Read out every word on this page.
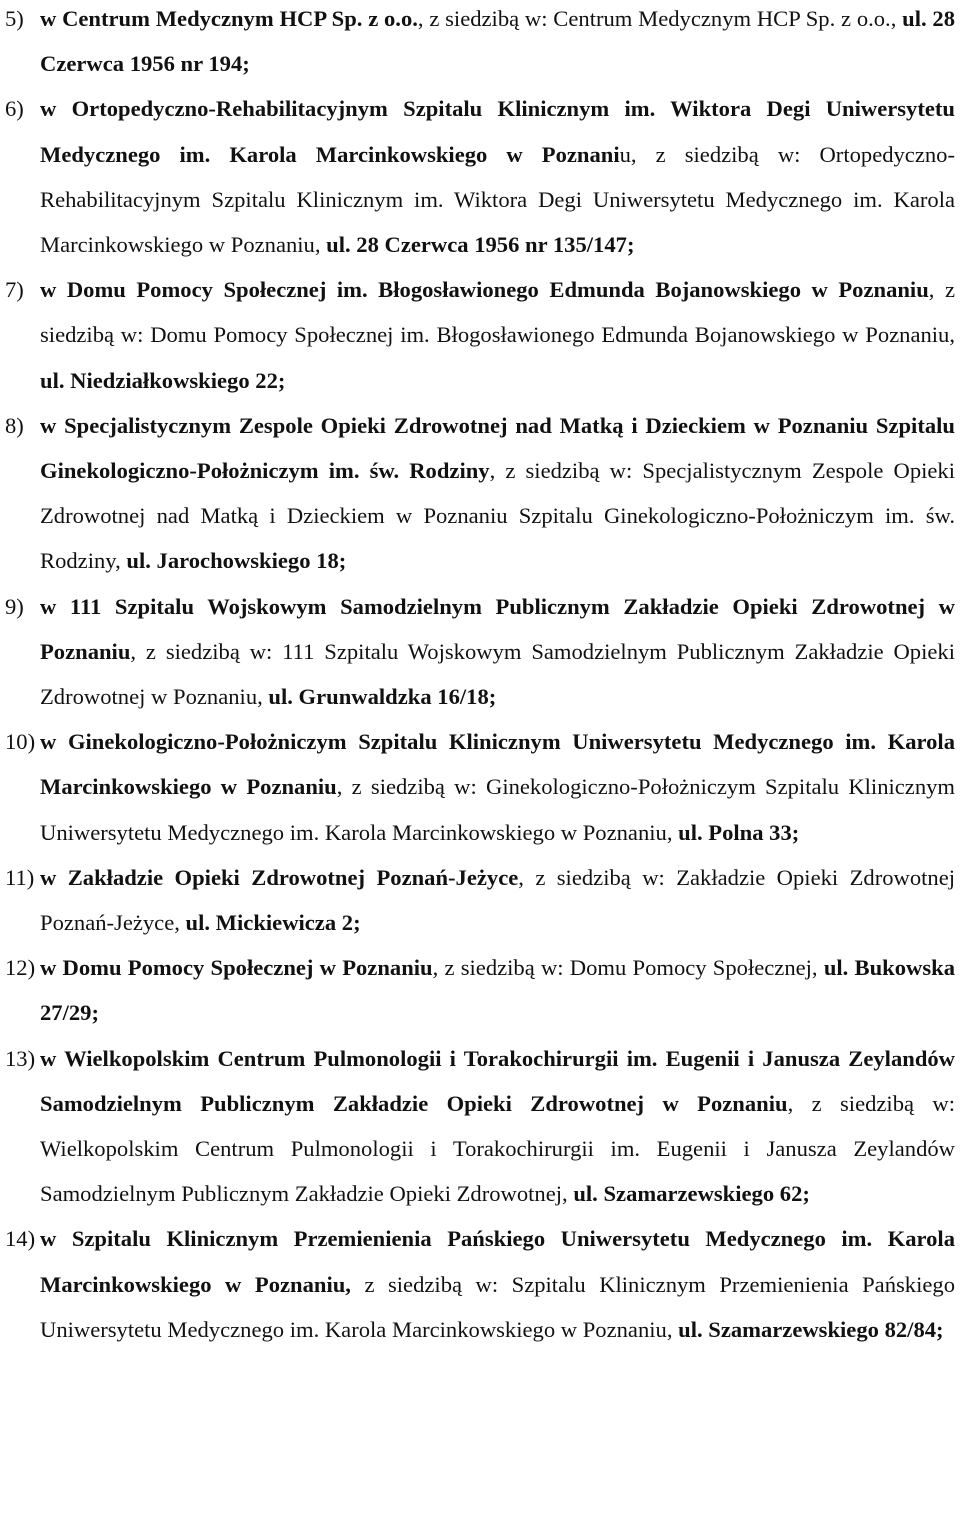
5) w Centrum Medycznym HCP Sp. z o.o., z siedzibą w: Centrum Medycznym HCP Sp. z o.o., ul. 28 Czerwca 1956 nr 194;
6) w Ortopedyczno-Rehabilitacyjnym Szpitalu Klinicznym im. Wiktora Degi Uniwersytetu Medycznego im. Karola Marcinkowskiego w Poznaniu, z siedzibą w: Ortopedyczno-Rehabilitacyjnym Szpitalu Klinicznym im. Wiktora Degi Uniwersytetu Medycznego im. Karola Marcinkowskiego w Poznaniu, ul. 28 Czerwca 1956 nr 135/147;
7) w Domu Pomocy Społecznej im. Błogosławionego Edmunda Bojanowskiego w Poznaniu, z siedzibą w: Domu Pomocy Społecznej im. Błogosławionego Edmunda Bojanowskiego w Poznaniu, ul. Niedziałkowskiego 22;
8) w Specjalistycznym Zespole Opieki Zdrowotnej nad Matką i Dzieckiem w Poznaniu Szpitalu Ginekologiczno-Położniczym im. św. Rodziny, z siedzibą w: Specjalistycznym Zespole Opieki Zdrowotnej nad Matką i Dzieckiem w Poznaniu Szpitalu Ginekologiczno-Położniczym im. św. Rodziny, ul. Jarochowskiego 18;
9) w 111 Szpitalu Wojskowym Samodzielnym Publicznym Zakładzie Opieki Zdrowotnej w Poznaniu, z siedzibą w: 111 Szpitalu Wojskowym Samodzielnym Publicznym Zakładzie Opieki Zdrowotnej w Poznaniu, ul. Grunwaldzka 16/18;
10) w Ginekologiczno-Położniczym Szpitalu Klinicznym Uniwersytetu Medycznego im. Karola Marcinkowskiego w Poznaniu, z siedzibą w: Ginekologiczno-Położniczym Szpitalu Klinicznym Uniwersytetu Medycznego im. Karola Marcinkowskiego w Poznaniu, ul. Polna 33;
11) w Zakładzie Opieki Zdrowotnej Poznań-Jeżyce, z siedzibą w: Zakładzie Opieki Zdrowotnej Poznań-Jeżyce, ul. Mickiewicza 2;
12) w Domu Pomocy Społecznej w Poznaniu, z siedzibą w: Domu Pomocy Społecznej, ul. Bukowska 27/29;
13) w Wielkopolskim Centrum Pulmonologii i Torakochirurgii im. Eugenii i Janusza Zeylandów Samodzielnym Publicznym Zakładzie Opieki Zdrowotnej w Poznaniu, z siedzibą w: Wielkopolskim Centrum Pulmonologii i Torakochirurgii im. Eugenii i Janusza Zeylandów Samodzielnym Publicznym Zakładzie Opieki Zdrowotnej, ul. Szamarzewskiego 62;
14) w Szpitalu Klinicznym Przemienienia Pańskiego Uniwersytetu Medycznego im. Karola Marcinkowskiego w Poznaniu, z siedzibą w: Szpitalu Klinicznym Przemienienia Pańskiego Uniwersytetu Medycznego im. Karola Marcinkowskiego w Poznaniu, ul. Szamarzewskiego 82/84;
